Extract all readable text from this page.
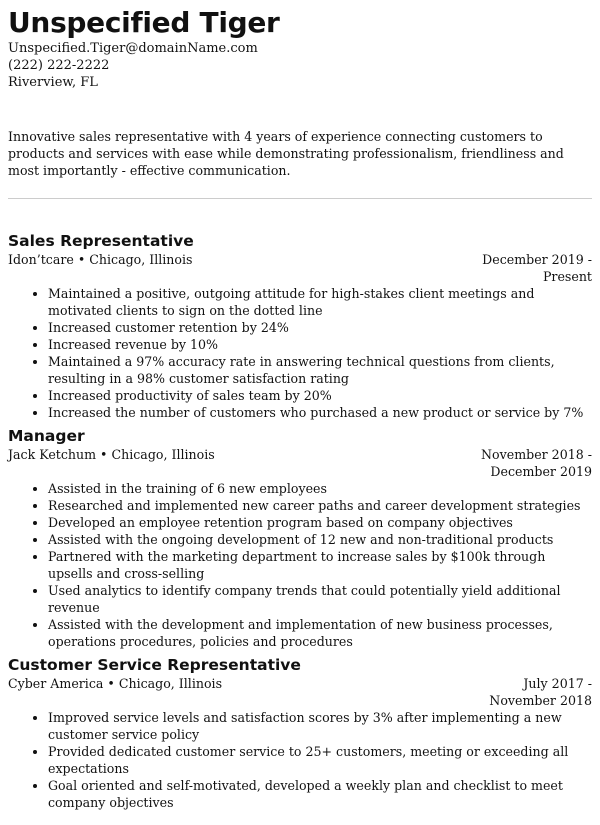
Unspecified Tiger
Unspecified.Tiger@domainName.com
(222) 222-2222
Riverview, FL
Innovative sales representative with 4 years of experience connecting customers to products and services with ease while demonstrating professionalism, friendliness and most importantly - effective communication.
Sales Representative
Idon’tcare • Chicago, Illinois	December 2019 - Present
• Maintained a positive, outgoing attitude for high-stakes client meetings and motivated clients to sign on the dotted line
• Increased customer retention by 24%
• Increased revenue by 10%
• Maintained a 97% accuracy rate in answering technical questions from clients, resulting in a 98% customer satisfaction rating
• Increased productivity of sales team by 20%
• Increased the number of customers who purchased a new product or service by 7%
Manager
Jack Ketchum • Chicago, Illinois	November 2018 - December 2019
• Assisted in the training of 6 new employees
• Researched and implemented new career paths and career development strategies
• Developed an employee retention program based on company objectives
• Assisted with the ongoing development of 12 new and non-traditional products
• Partnered with the marketing department to increase sales by $100k through upsells and cross-selling
• Used analytics to identify company trends that could potentially yield additional revenue
• Assisted with the development and implementation of new business processes, operations procedures, policies and procedures
Customer Service Representative
Cyber America • Chicago, Illinois	July 2017 - November 2018
• Improved service levels and satisfaction scores by 3% after implementing a new customer service policy
• Provided dedicated customer service to 25+ customers, meeting or exceeding all expectations
• Goal oriented and self-motivated, developed a weekly plan and checklist to meet company objectives
